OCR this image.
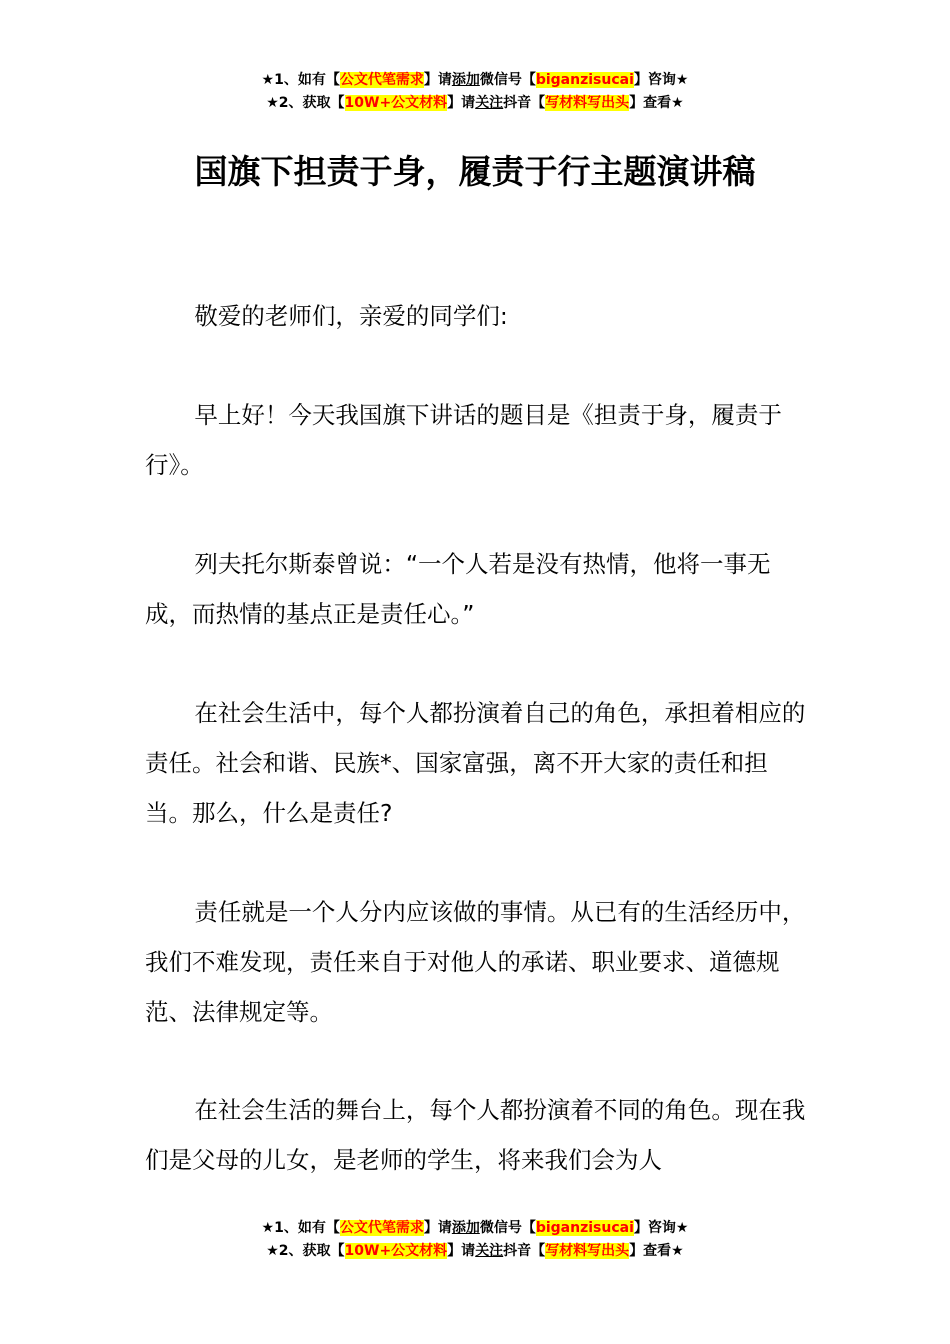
★1、如有【公文代笔需求】请添加微信号【biganzisucai】咨询★
★2、获取【10W+公文材料】请关注抖音【写材料写出头】查看★
国旗下担责于身，履责于行主题演讲稿

敬爱的老师们，亲爱的同学们:

早上好！今天我国旗下讲话的题目是《担责于身，履责于行》。

列夫托尔斯泰曾说：“一个人若是没有热情，他将一事无成，而热情的基点正是责任心。”

在社会生活中，每个人都扮演着自己的角色，承担着相应的责任。社会和谐、民族*、国家富强，离不开大家的责任和担当。那么，什么是责任?

责任就是一个人分内应该做的事情。从已有的生活经历中，我们不难发现，责任来自于对他人的承诺、职业要求、道德规范、法律规定等。

在社会生活的舞台上，每个人都扮演着不同的角色。现在我们是父母的儿女，是老师的学生，将来我们会为人

★1、如有【公文代笔需求】请添加微信号【biganzisucai】咨询★
★2、获取【10W+公文材料】请关注抖音【写材料写出头】查看★
